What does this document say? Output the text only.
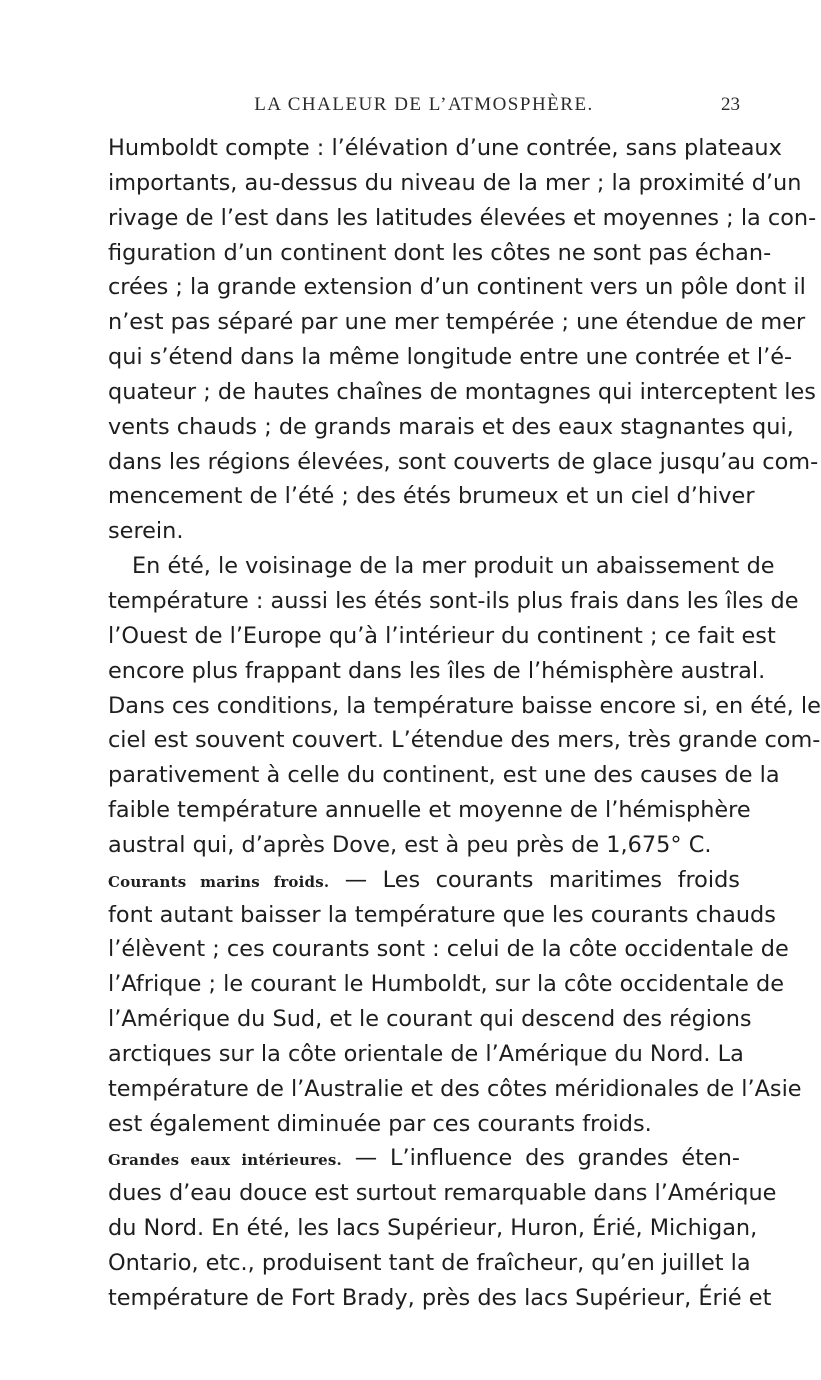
LA CHALEUR DE L’ATMOSPHÈRE.	23
Humboldt compte : l’élévation d’une contrée, sans plateaux
importants, au-dessus du niveau de la mer ; la proximité d’un
rivage de l’est dans les latitudes élevées et moyennes ; la con-
figuration d’un continent dont les côtes ne sont pas échan-
crées ; la grande extension d’un continent vers un pôle dont il
n’est pas séparé par une mer tempérée ; une étendue de mer
qui s’étend dans la même longitude entre une contrée et l’é-
quateur ; de hautes chaînes de montagnes qui interceptent les
vents chauds ; de grands marais et des eaux stagnantes qui,
dans les régions élevées, sont couverts de glace jusqu’au com-
mencement de l’été ; des étés brumeux et un ciel d’hiver
serein.
En été, le voisinage de la mer produit un abaissement de
température : aussi les étés sont-ils plus frais dans les îles de
l’Ouest de l’Europe qu’à l’intérieur du continent ; ce fait est
encore plus frappant dans les îles de l’hémisphère austral.
Dans ces conditions, la température baisse encore si, en été, le
ciel est souvent couvert. L’étendue des mers, très grande com-
parativement à celle du continent, est une des causes de la
faible température annuelle et moyenne de l’hémisphère
austral qui, d’après Dove, est à peu près de 1,675° C.
Courants marins froids. — Les courants maritimes froids
font autant baisser la température que les courants chauds
l’élèvent ; ces courants sont : celui de la côte occidentale de
l’Afrique ; le courant le Humboldt, sur la côte occidentale de
l’Amérique du Sud, et le courant qui descend des régions
arctiques sur la côte orientale de l’Amérique du Nord. La
température de l’Australie et des côtes méridionales de l’Asie
est également diminuée par ces courants froids.
Grandes eaux intérieures. — L’influence des grandes éten-
dues d’eau douce est surtout remarquable dans l’Amérique
du Nord. En été, les lacs Supérieur, Huron, Érié, Michigan,
Ontario, etc., produisent tant de fraîcheur, qu’en juillet la
température de Fort Brady, près des lacs Supérieur, Érié et
